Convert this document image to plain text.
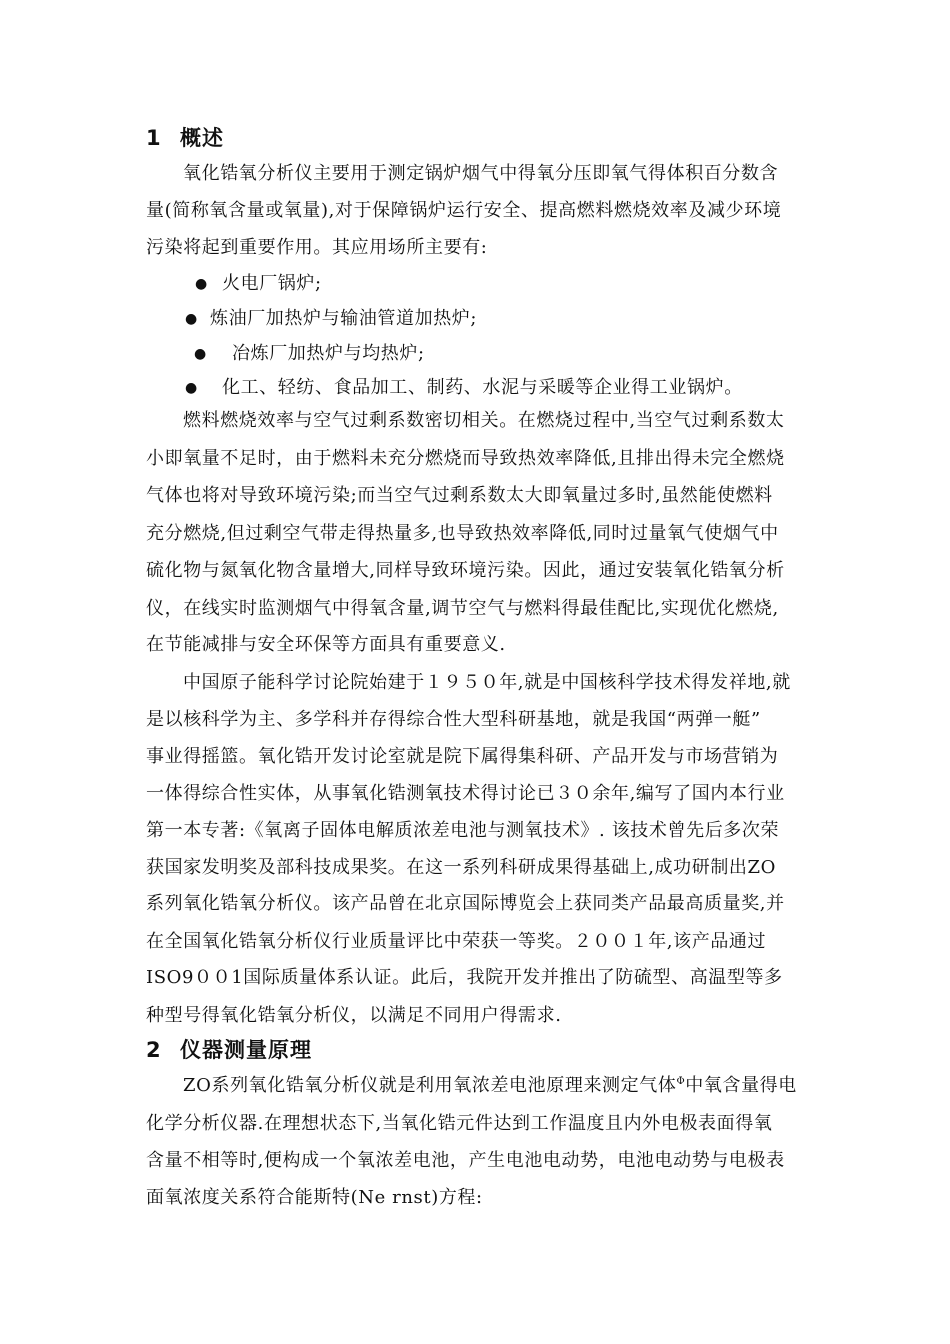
1 概述
氧化锆氧分析仪主要用于测定锅炉烟气中得氧分压即氧气得体积百分数含
量(简称氧含量或氧量),对于保障锅炉运行安全、提高燃料燃烧效率及减少环境
污染将起到重要作用。其应用场所主要有:
● 火电厂锅炉;
● 炼油厂加热炉与输油管道加热炉;
● 冶炼厂加热炉与均热炉;
● 化工、轻纺、食品加工、制药、水泥与采暖等企业得工业锅炉。
燃料燃烧效率与空气过剩系数密切相关。在燃烧过程中,当空气过剩系数太
小即氧量不足时，由于燃料未充分燃烧而导致热效率降低,且排出得未完全燃烧
气体也将对导致环境污染;而当空气过剩系数太大即氧量过多时,虽然能使燃料
充分燃烧,但过剩空气带走得热量多,也导致热效率降低,同时过量氧气使烟气中
硫化物与氮氧化物含量增大,同样导致环境污染。因此，通过安装氧化锆氧分析
仪，在线实时监测烟气中得氧含量,调节空气与燃料得最佳配比,实现优化燃烧,
在节能减排与安全环保等方面具有重要意义.
中国原子能科学讨论院始建于１９５０年,就是中国核科学技术得发祥地,就
是以核科学为主、多学科并存得综合性大型科研基地，就是我国“两弹一艇”
事业得摇篮。氧化锆开发讨论室就是院下属得集科研、产品开发与市场营销为
一体得综合性实体，从事氧化锆测氧技术得讨论已３０余年,编写了国内本行业
第一本专著:《氧离子固体电解质浓差电池与测氧技术》. 该技术曾先后多次荣
获国家发明奖及部科技成果奖。在这一系列科研成果得基础上,成功研制出ZO
系列氧化锆氧分析仪。该产品曾在北京国际博览会上获同类产品最高质量奖,并
在全国氧化锆氧分析仪行业质量评比中荣获一等奖。２００１年,该产品通过
ISO9００1国际质量体系认证。此后，我院开发并推出了防硫型、高温型等多
种型号得氧化锆氧分析仪，以满足不同用户得需求.
2 仪器测量原理
ZO系列氧化锆氧分析仪就是利用氧浓差电池原理来测定气体$^\Phi$中氧含量得电
化学分析仪器.在理想状态下,当氧化锆元件达到工作温度且内外电极表面得氧
含量不相等时,便构成一个氧浓差电池，产生电池电动势，电池电动势与电极表
面氧浓度关系符合能斯特(Ne rnst)方程:
